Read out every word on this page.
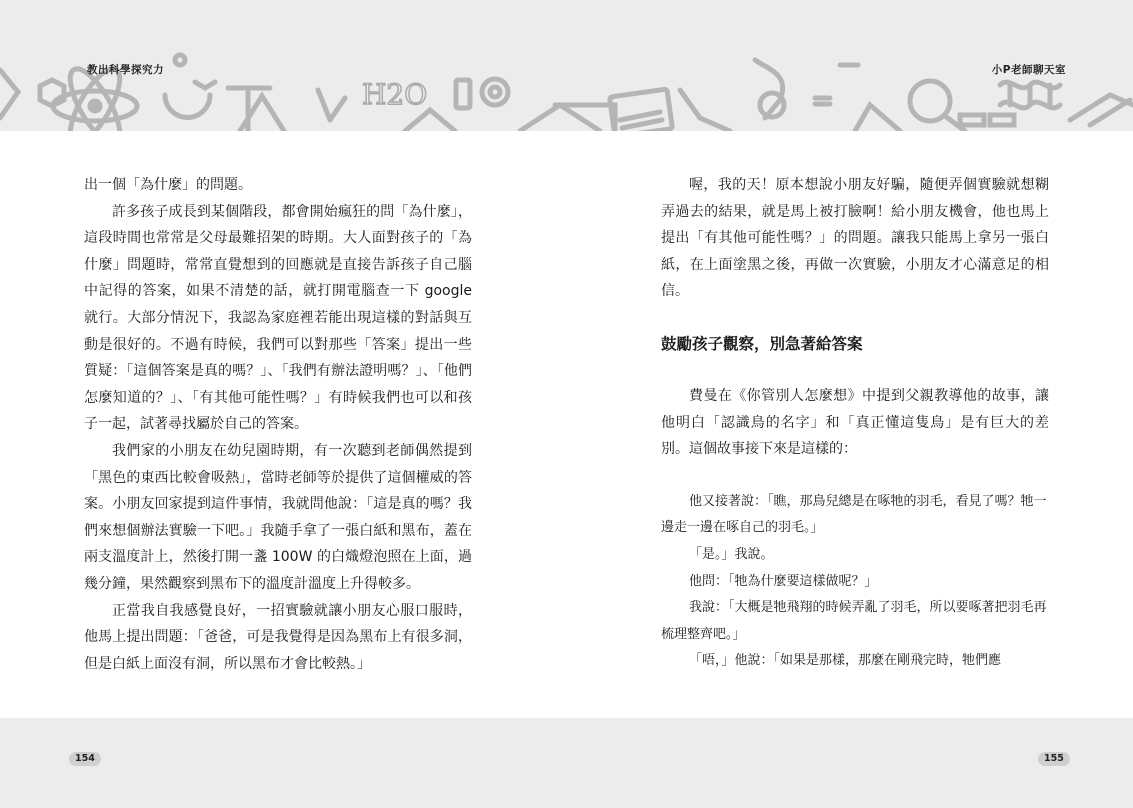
H2O
教出科學探究力	小P老師聊天室

出一個「為什麼」的問題。

許多孩子成長到某個階段，都會開始瘋狂的問「為什麼」，這段時間也常常是父母最難招架的時期。大人面對孩子的「為什麼」問題時，常常直覺想到的回應就是直接告訴孩子自己腦中記得的答案，如果不清楚的話，就打開電腦查一下 google 就行。大部分情況下，我認為家庭裡若能出現這樣的對話與互動是很好的。不過有時候，我們可以對那些「答案」提出一些質疑：「這個答案是真的嗎？」、「我們有辦法證明嗎？」、「他們怎麼知道的？」、「有其他可能性嗎？」有時候我們也可以和孩子一起，試著尋找屬於自己的答案。

我們家的小朋友在幼兒園時期，有一次聽到老師偶然提到「黑色的東西比較會吸熱」，當時老師等於提供了這個權威的答案。小朋友回家提到這件事情，我就問他說：「這是真的嗎？我們來想個辦法實驗一下吧。」我隨手拿了一張白紙和黑布，蓋在兩支溫度計上，然後打開一盞 100W 的白熾燈泡照在上面，過幾分鐘，果然觀察到黑布下的溫度計溫度上升得較多。

正當我自我感覺良好，一招實驗就讓小朋友心服口服時，他馬上提出問題：「爸爸，可是我覺得是因為黑布上有很多洞，但是白紙上面沒有洞，所以黑布才會比較熱。」

喔，我的天！原本想說小朋友好騙，隨便弄個實驗就想糊弄過去的結果，就是馬上被打臉啊！給小朋友機會，他也馬上提出「有其他可能性嗎？」的問題。讓我只能馬上拿另一張白紙，在上面塗黑之後，再做一次實驗，小朋友才心滿意足的相信。

鼓勵孩子觀察，別急著給答案

費曼在《你管別人怎麼想》中提到父親教導他的故事，讓他明白「認識鳥的名字」和「真正懂這隻鳥」是有巨大的差別。這個故事接下來是這樣的：

他又接著說：「瞧，那鳥兒總是在啄牠的羽毛，看見了嗎？牠一邊走一邊在啄自己的羽毛。」

「是。」我說。

他問：「牠為什麼要這樣做呢？」

我說：「大概是牠飛翔的時候弄亂了羽毛，所以要啄著把羽毛再梳理整齊吧。」

「唔，」他說：「如果是那樣，那麼在剛飛完時，牠們應

154	155
